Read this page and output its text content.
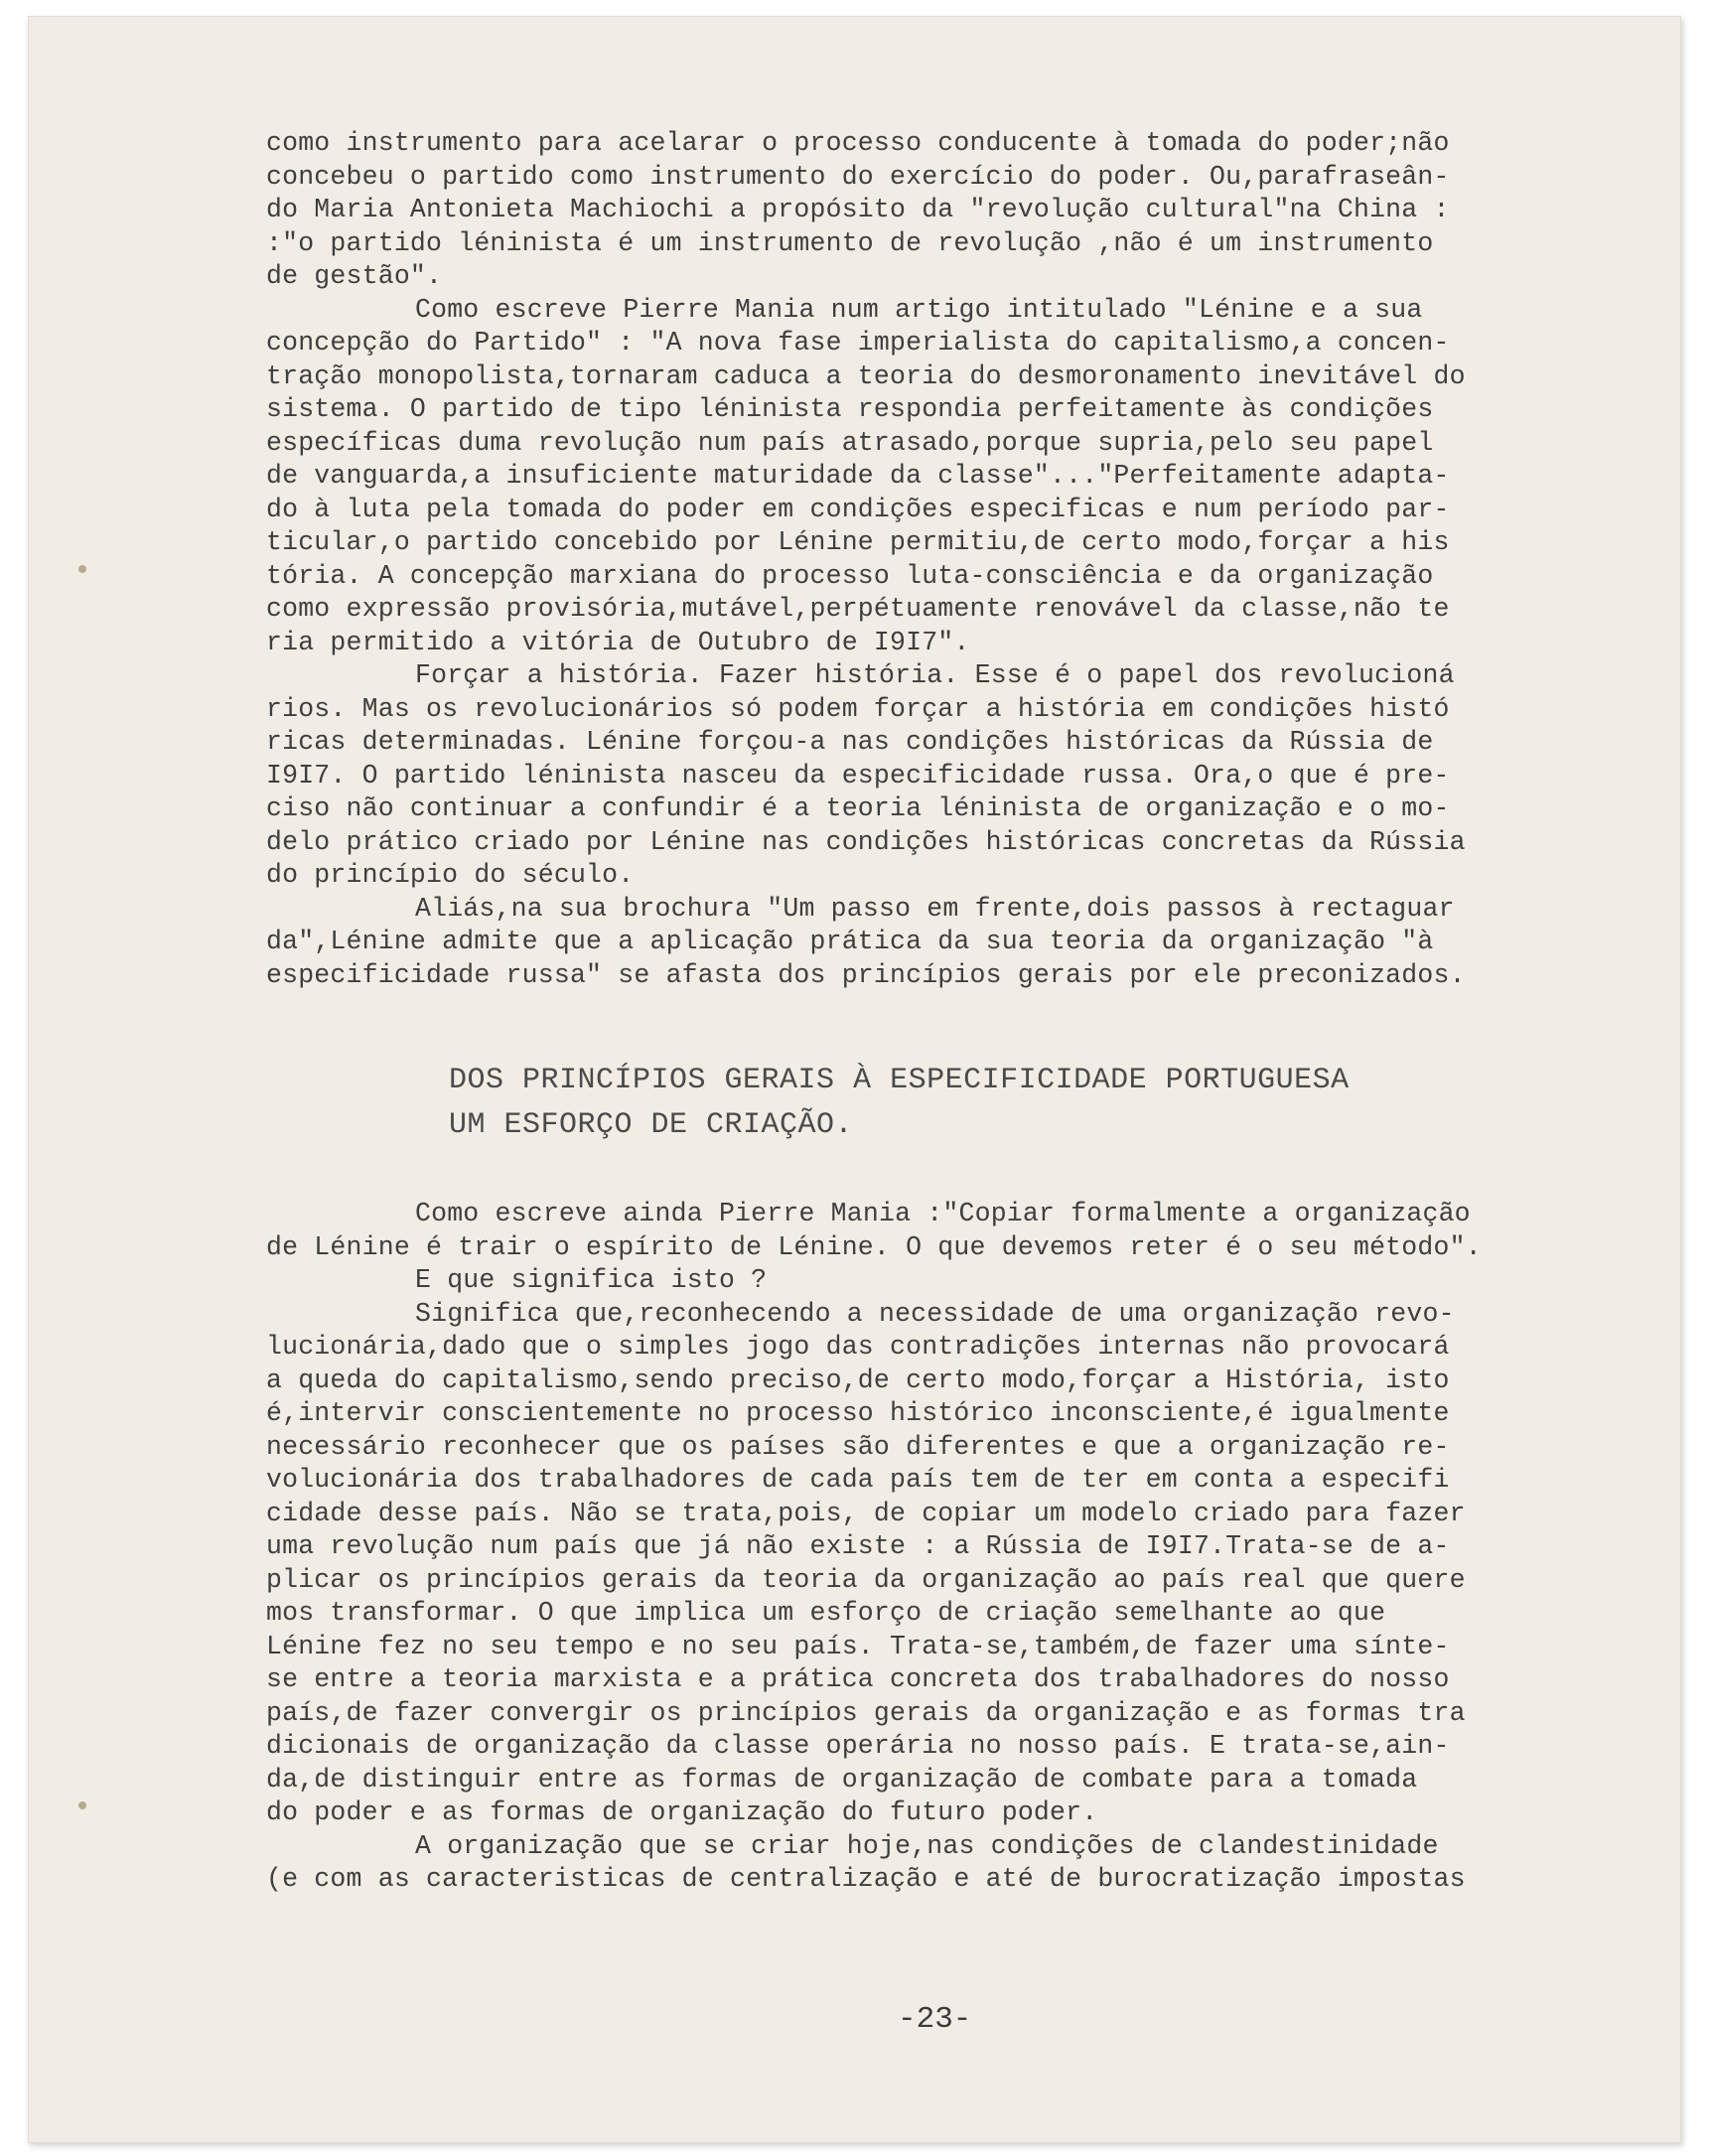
como instrumento para acelarar o processo conducente à tomada do poder;não
concebeu o partido como instrumento do exercício do poder. Ou,parafraseân-
do Maria Antonieta Machiochi a propósito da "revolução cultural"na China :
:"o partido léninista é um instrumento de revolução ,não é um instrumento
de gestão".
Como escreve Pierre Mania num artigo intitulado "Lénine e a sua
concepção do Partido" : "A nova fase imperialista do capitalismo,a concen-
tração monopolista,tornaram caduca a teoria do desmoronamento inevitável do
sistema. O partido de tipo léninista respondia perfeitamente às condições
específicas duma revolução num país atrasado,porque supria,pelo seu papel
de vanguarda,a insuficiente maturidade da classe"..."Perfeitamente adapta-
do à luta pela tomada do poder em condições especificas e num período par-
ticular,o partido concebido por Lénine permitiu,de certo modo,forçar a his
tória. A concepção marxiana do processo luta-consciência e da organização
como expressão provisória,mutável,perpétuamente renovável da classe,não te
ria permitido a vitória de Outubro de I9I7".
Forçar a história. Fazer história. Esse é o papel dos revolucioná
rios. Mas os revolucionários só podem forçar a história em condições histó
ricas determinadas. Lénine forçou-a nas condições históricas da Rússia de
I9I7. O partido léninista nasceu da especificidade russa. Ora,o que é pre-
ciso não continuar a confundir é a teoria léninista de organização e o mo-
delo prático criado por Lénine nas condições históricas concretas da Rússia
do princípio do século.
Aliás,na sua brochura "Um passo em frente,dois passos à rectaguar
da",Lénine admite que a aplicação prática da sua teoria da organização "à
especificidade russa" se afasta dos princípios gerais por ele preconizados.
DOS PRINCÍPIOS GERAIS À ESPECIFICIDADE PORTUGUESA
UM ESFORÇO DE CRIAÇÃO.
Como escreve ainda Pierre Mania :"Copiar formalmente a organização
de Lénine é trair o espírito de Lénine. O que devemos reter é o seu método".
E que significa isto ?
Significa que,reconhecendo a necessidade de uma organização revo-
lucionária,dado que o simples jogo das contradições internas não provocará
a queda do capitalismo,sendo preciso,de certo modo,forçar a História, isto
é,intervir conscientemente no processo histórico inconsciente,é igualmente
necessário reconhecer que os países são diferentes e que a organização re-
volucionária dos trabalhadores de cada país tem de ter em conta a especifi
cidade desse país. Não se trata,pois, de copiar um modelo criado para fazer
uma revolução num país que já não existe : a Rússia de I9I7.Trata-se de a-
plicar os princípios gerais da teoria da organização ao país real que quere
mos transformar. O que implica um esforço de criação semelhante ao que
Lénine fez no seu tempo e no seu país. Trata-se,também,de fazer uma sínte-
se entre a teoria marxista e a prática concreta dos trabalhadores do nosso
país,de fazer convergir os princípios gerais da organização e as formas tra
dicionais de organização da classe operária no nosso país. E trata-se,ain-
da,de distinguir entre as formas de organização de combate para a tomada
do poder e as formas de organização do futuro poder.
A organização que se criar hoje,nas condições de clandestinidade
(e com as caracteristicas de centralização e até de burocratização impostas
-23-
